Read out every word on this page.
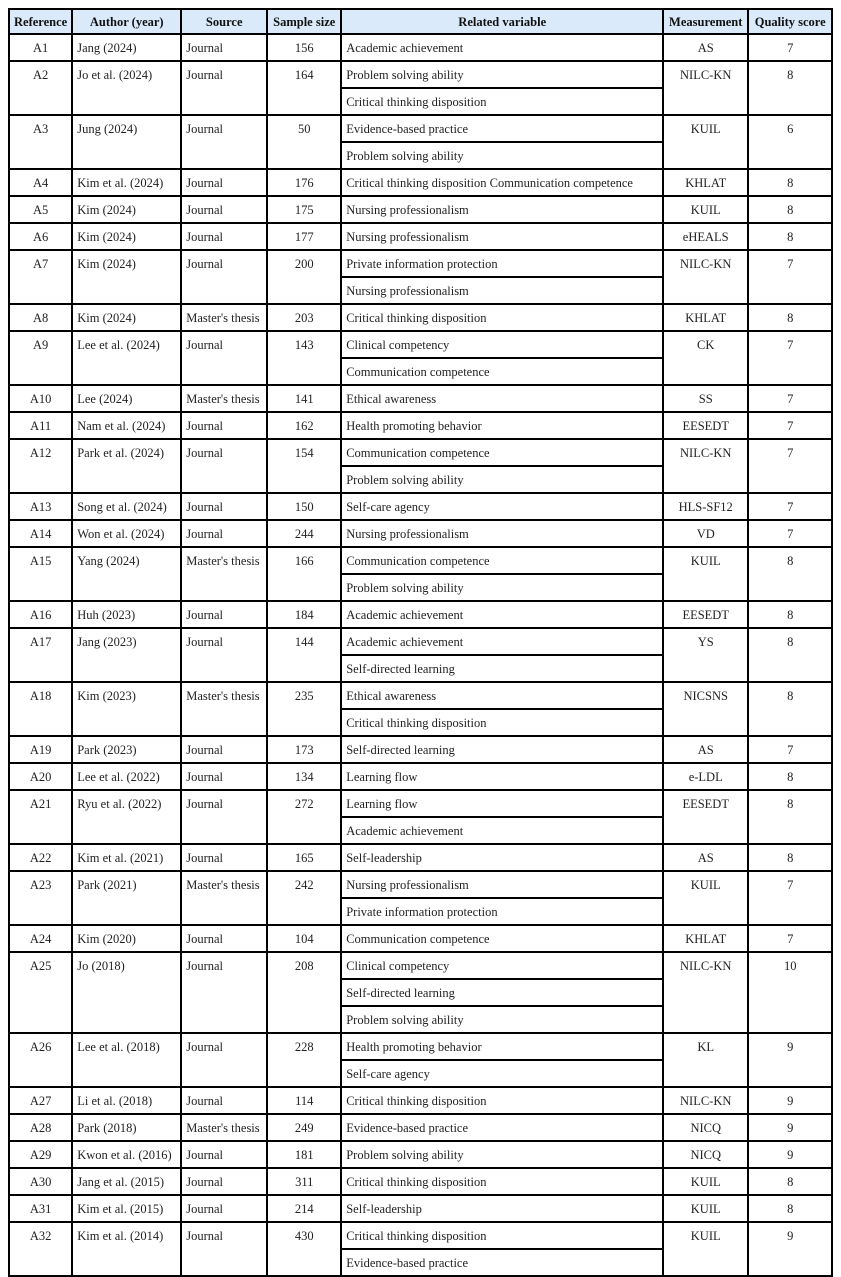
Reference	Author (year)	Source	Sample size	Related variable	Measurement	Quality score
A1	Jang (2024)	Journal	156	Academic achievement	AS	7
A2	Jo et al. (2024)	Journal	164	Problem solving ability	NILC-KN	8
				Critical thinking disposition		
A3	Jung (2024)	Journal	50	Evidence-based practice	KUIL	6
				Problem solving ability		
A4	Kim et al. (2024)	Journal	176	Critical thinking disposition Communication competence	KHLAT	8
A5	Kim (2024)	Journal	175	Nursing professionalism	KUIL	8
A6	Kim (2024)	Journal	177	Nursing professionalism	eHEALS	8
A7	Kim (2024)	Journal	200	Private information protection	NILC-KN	7
				Nursing professionalism		
A8	Kim (2024)	Master's thesis	203	Critical thinking disposition	KHLAT	8
A9	Lee et al. (2024)	Journal	143	Clinical competency	CK	7
				Communication competence		
A10	Lee (2024)	Master's thesis	141	Ethical awareness	SS	7
A11	Nam et al. (2024)	Journal	162	Health promoting behavior	EESEDT	7
A12	Park et al. (2024)	Journal	154	Communication competence	NILC-KN	7
				Problem solving ability		
A13	Song et al. (2024)	Journal	150	Self-care agency	HLS-SF12	7
A14	Won et al. (2024)	Journal	244	Nursing professionalism	VD	7
A15	Yang (2024)	Master's thesis	166	Communication competence	KUIL	8
				Problem solving ability		
A16	Huh (2023)	Journal	184	Academic achievement	EESEDT	8
A17	Jang (2023)	Journal	144	Academic achievement	YS	8
				Self-directed learning		
A18	Kim (2023)	Master's thesis	235	Ethical awareness	NICSNS	8
				Critical thinking disposition		
A19	Park (2023)	Journal	173	Self-directed learning	AS	7
A20	Lee et al. (2022)	Journal	134	Learning flow	e-LDL	8
A21	Ryu et al. (2022)	Journal	272	Learning flow	EESEDT	8
				Academic achievement		
A22	Kim et al. (2021)	Journal	165	Self-leadership	AS	8
A23	Park (2021)	Master's thesis	242	Nursing professionalism	KUIL	7
				Private information protection		
A24	Kim (2020)	Journal	104	Communication competence	KHLAT	7
A25	Jo (2018)	Journal	208	Clinical competency	NILC-KN	10
				Self-directed learning		
				Problem solving ability		
A26	Lee et al. (2018)	Journal	228	Health promoting behavior	KL	9
				Self-care agency		
A27	Li et al. (2018)	Journal	114	Critical thinking disposition	NILC-KN	9
A28	Park (2018)	Master's thesis	249	Evidence-based practice	NICQ	9
A29	Kwon et al. (2016)	Journal	181	Problem solving ability	NICQ	9
A30	Jang et al. (2015)	Journal	311	Critical thinking disposition	KUIL	8
A31	Kim et al. (2015)	Journal	214	Self-leadership	KUIL	8
A32	Kim et al. (2014)	Journal	430	Critical thinking disposition	KUIL	9
				Evidence-based practice		
